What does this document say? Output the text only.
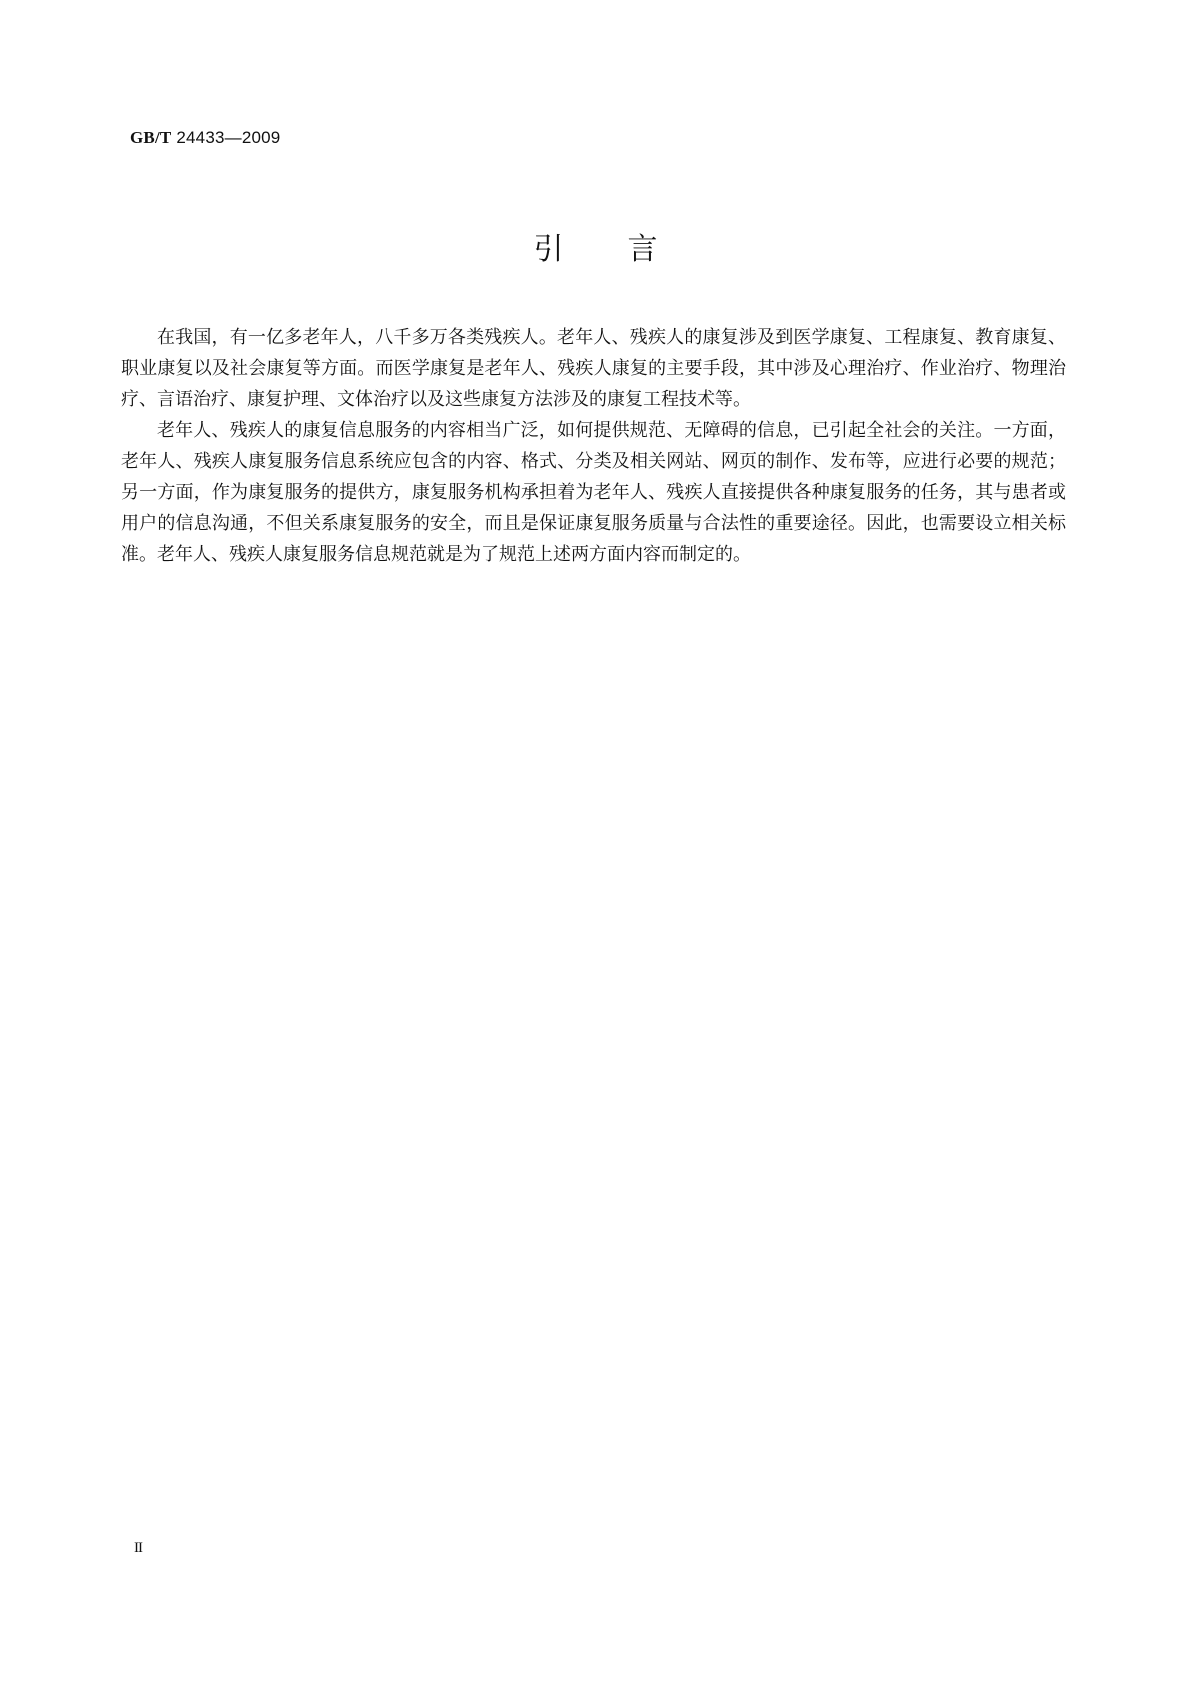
GB/T 24433—2009
引言

在我国，有一亿多老年人，八千多万各类残疾人。老年人、残疾人的康复涉及到医学康复、工程康复、教育康复、职业康复以及社会康复等方面。而医学康复是老年人、残疾人康复的主要手段，其中涉及心理治疗、作业治疗、物理治疗、言语治疗、康复护理、文体治疗以及这些康复方法涉及的康复工程技术等。

老年人、残疾人的康复信息服务的内容相当广泛，如何提供规范、无障碍的信息，已引起全社会的关注。一方面，老年人、残疾人康复服务信息系统应包含的内容、格式、分类及相关网站、网页的制作、发布等，应进行必要的规范；另一方面，作为康复服务的提供方，康复服务机构承担着为老年人、残疾人直接提供各种康复服务的任务，其与患者或用户的信息沟通，不但关系康复服务的安全，而且是保证康复服务质量与合法性的重要途径。因此，也需要设立相关标准。老年人、残疾人康复服务信息规范就是为了规范上述两方面内容而制定的。

II
